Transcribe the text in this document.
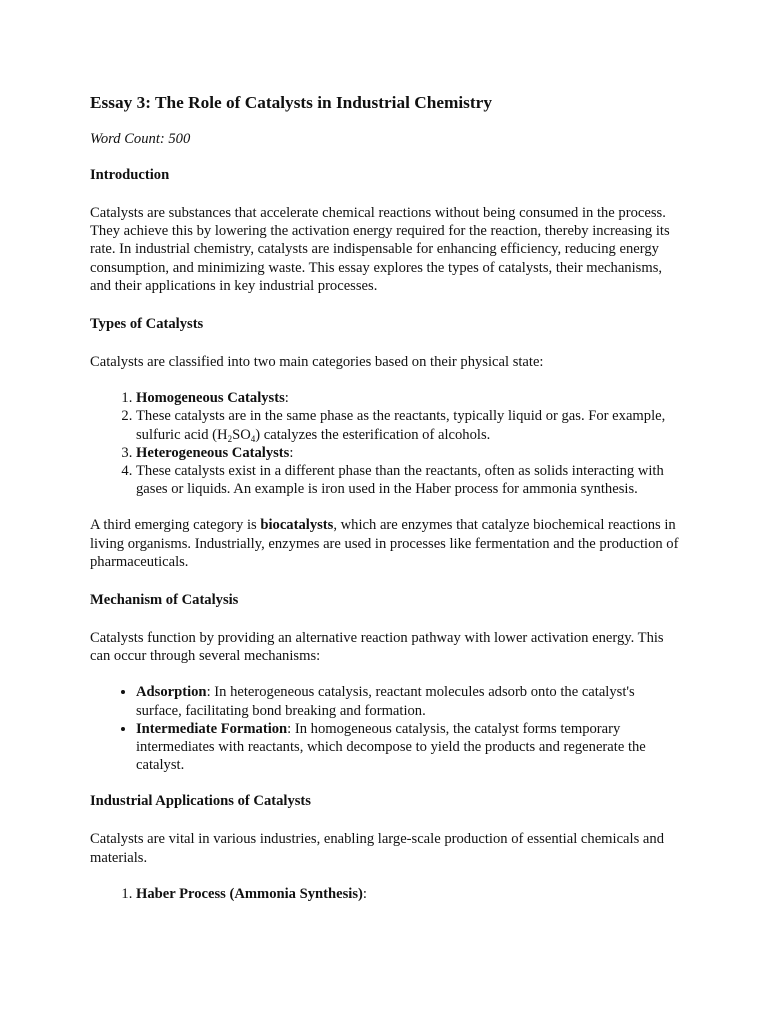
Essay 3: The Role of Catalysts in Industrial Chemistry

Word Count: 500

Introduction

Catalysts are substances that accelerate chemical reactions without being consumed in the process. They achieve this by lowering the activation energy required for the reaction, thereby increasing its rate. In industrial chemistry, catalysts are indispensable for enhancing efficiency, reducing energy consumption, and minimizing waste. This essay explores the types of catalysts, their mechanisms, and their applications in key industrial processes.

Types of Catalysts

Catalysts are classified into two main categories based on their physical state:

1. Homogeneous Catalysts:
2. These catalysts are in the same phase as the reactants, typically liquid or gas. For example, sulfuric acid $(H_2SO_4)$ catalyzes the esterification of alcohols.
3. Heterogeneous Catalysts:
4. These catalysts exist in a different phase than the reactants, often as solids interacting with gases or liquids. An example is iron used in the Haber process for ammonia synthesis.

A third emerging category is biocatalysts, which are enzymes that catalyze biochemical reactions in living organisms. Industrially, enzymes are used in processes like fermentation and the production of pharmaceuticals.

Mechanism of Catalysis

Catalysts function by providing an alternative reaction pathway with lower activation energy. This can occur through several mechanisms:

• Adsorption: In heterogeneous catalysis, reactant molecules adsorb onto the catalyst's surface, facilitating bond breaking and formation.
• Intermediate Formation: In homogeneous catalysis, the catalyst forms temporary intermediates with reactants, which decompose to yield the products and regenerate the catalyst.
Industrial Applications of Catalysts

Catalysts are vital in various industries, enabling large-scale production of essential chemicals and materials.

1. Haber Process (Ammonia Synthesis):
